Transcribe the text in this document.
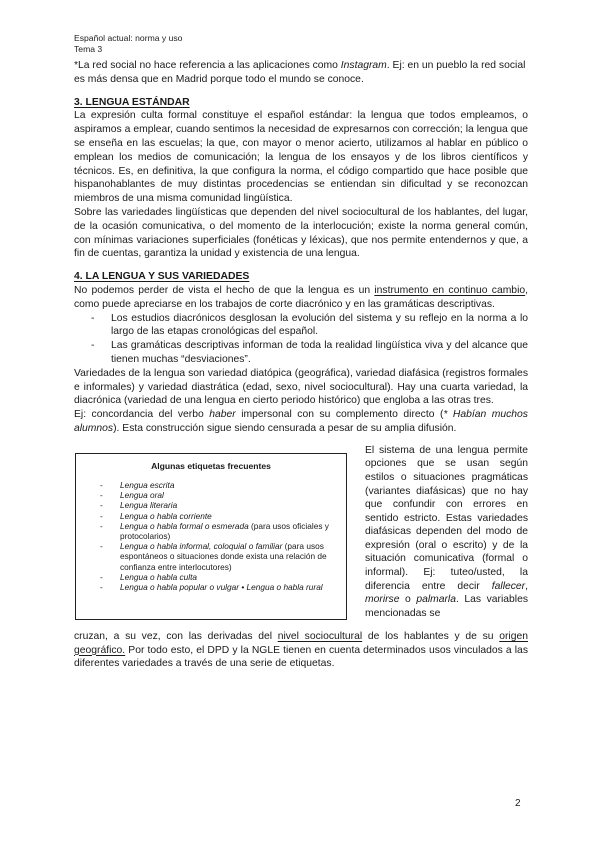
Español actual: norma y uso
Tema 3

*La red social no hace referencia a las aplicaciones como Instagram. Ej: en un pueblo la red social es más densa que en Madrid porque todo el mundo se conoce.

3. LENGUA ESTÁNDAR

La expresión culta formal constituye el español estándar: la lengua que todos empleamos, o aspiramos a emplear, cuando sentimos la necesidad de expresarnos con corrección; la lengua que se enseña en las escuelas; la que, con mayor o menor acierto, utilizamos al hablar en público o emplean los medios de comunicación; la lengua de los ensayos y de los libros científicos y técnicos. Es, en definitiva, la que configura la norma, el código compartido que hace posible que hispanohablantes de muy distintas procedencias se entiendan sin dificultad y se reconozcan miembros de una misma comunidad lingüística.

Sobre las variedades lingüísticas que dependen del nivel sociocultural de los hablantes, del lugar, de la ocasión comunicativa, o del momento de la interlocución; existe la norma general común, con mínimas variaciones superficiales (fonéticas y léxicas), que nos permite entendernos y que, a fin de cuentas, garantiza la unidad y existencia de una lengua.

4. LA LENGUA Y SUS VARIEDADES

No podemos perder de vista el hecho de que la lengua es un instrumento en continuo cambio, como puede apreciarse en los trabajos de corte diacrónico y en las gramáticas descriptivas.

- Los estudios diacrónicos desglosan la evolución del sistema y su reflejo en la norma a lo largo de las etapas cronológicas del español.
- Las gramáticas descriptivas informan de toda la realidad lingüística viva y del alcance que tienen muchas “desviaciones”.

Variedades de la lengua son variedad diatópica (geográfica), variedad diafásica (registros formales e informales) y variedad diastrática (edad, sexo, nivel sociocultural). Hay una cuarta variedad, la diacrónica (variedad de una lengua en cierto periodo histórico) que engloba a las otras tres.

Ej: concordancia del verbo haber impersonal con su complemento directo (* Habían muchos alumnos). Esta construcción sigue siendo censurada a pesar de su amplia difusión.

Algunas etiquetas frecuentes
- Lengua escrita
- Lengua oral
- Lengua literaria
- Lengua o habla corriente
- Lengua o habla formal o esmerada (para usos oficiales y protocolarios)
- Lengua o habla informal, coloquial o familiar (para usos espontáneos o situaciones donde exista una relación de confianza entre interlocutores)
- Lengua o habla culta
- Lengua o habla popular o vulgar • Lengua o habla rural

El sistema de una lengua permite opciones que se usan según estilos o situaciones pragmáticas (variantes diafásicas) que no hay que confundir con errores en sentido estricto. Estas variedades diafásicas dependen del modo de expresión (oral o escrito) y de la situación comunicativa (formal o informal). Ej: tuteo/usted, la diferencia entre decir fallecer, morirse o palmarla. Las variables mencionadas se

cruzan, a su vez, con las derivadas del nivel sociocultural de los hablantes y de su origen geográfico. Por todo esto, el DPD y la NGLE tienen en cuenta determinados usos vinculados a las diferentes variedades a través de una serie de etiquetas.

2
